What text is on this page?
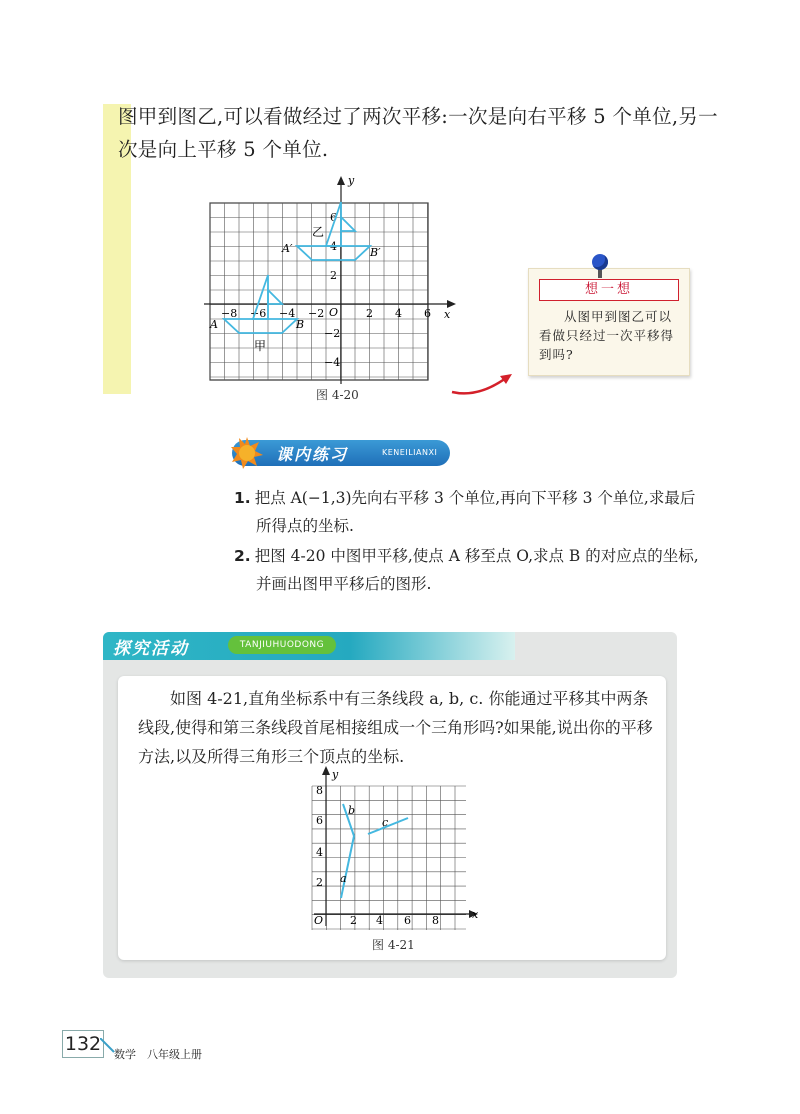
图甲到图乙,可以看做经过了两次平移:一次是向右平移 5 个单位,另一
次是向上平移 5 个单位.
y
x
O
−8 −6 −4 −2	2 4 6
6
4
2
−2
−4
A	B
A′	B′
甲
乙
图 4-20
想一想
从图甲到图乙可以看做只经过一次平移得到吗?
课内练习	KENEILIANXI
1. 把点 A(−1,3)先向右平移 3 个单位,再向下平移 3 个单位,求最后
所得点的坐标.
2. 把图 4-20 中图甲平移,使点 A 移至点 O,求点 B 的对应点的坐标,
并画出图甲平移后的图形.
探究活动	TANJIUHUODONG
如图 4-21,直角坐标系中有三条线段 a, b, c. 你能通过平移其中两条线段,使得和第三条线段首尾相接组成一个三角形吗?如果能,说出你的平移方法,以及所得三角形三个顶点的坐标.
y
x
O 2 4 6 8
2
4
6
8
a
b
c
图 4-21
132 数学　八年级上册
